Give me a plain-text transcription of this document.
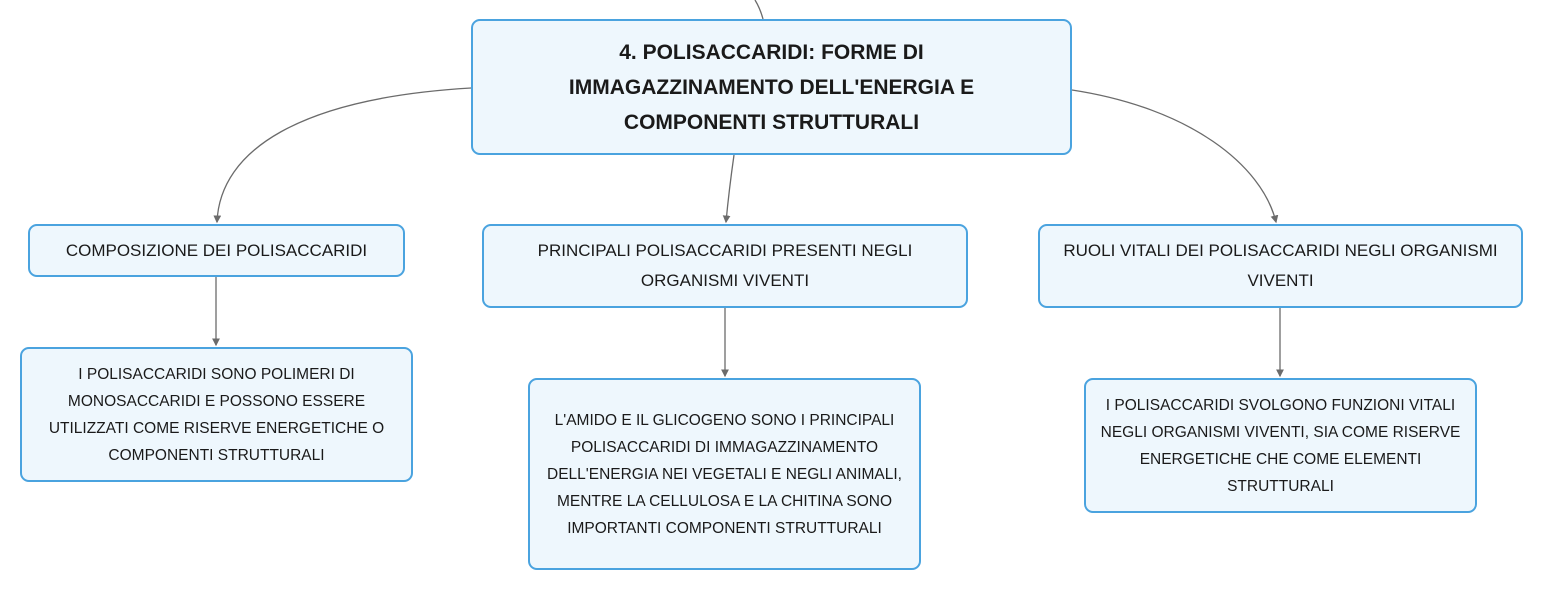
4. POLISACCARIDI: FORME DI IMMAGAZZINAMENTO DELL'ENERGIA E COMPONENTI STRUTTURALI
COMPOSIZIONE DEI POLISACCARIDI	PRINCIPALI POLISACCARIDI PRESENTI NEGLI ORGANISMI VIVENTI
RUOLI VITALI DEI POLISACCARIDI NEGLI ORGANISMI VIVENTI
I POLISACCARIDI SONO POLIMERI DI MONOSACCARIDI E POSSONO ESSERE UTILIZZATI COME RISERVE ENERGETICHE O COMPONENTI STRUTTURALI
L'AMIDO E IL GLICOGENO SONO I PRINCIPALI POLISACCARIDI DI IMMAGAZZINAMENTO DELL'ENERGIA NEI VEGETALI E NEGLI ANIMALI, MENTRE LA CELLULOSA E LA CHITINA SONO IMPORTANTI COMPONENTI STRUTTURALI
I POLISACCARIDI SVOLGONO FUNZIONI VITALI NEGLI ORGANISMI VIVENTI, SIA COME RISERVE ENERGETICHE CHE COME ELEMENTI STRUTTURALI
